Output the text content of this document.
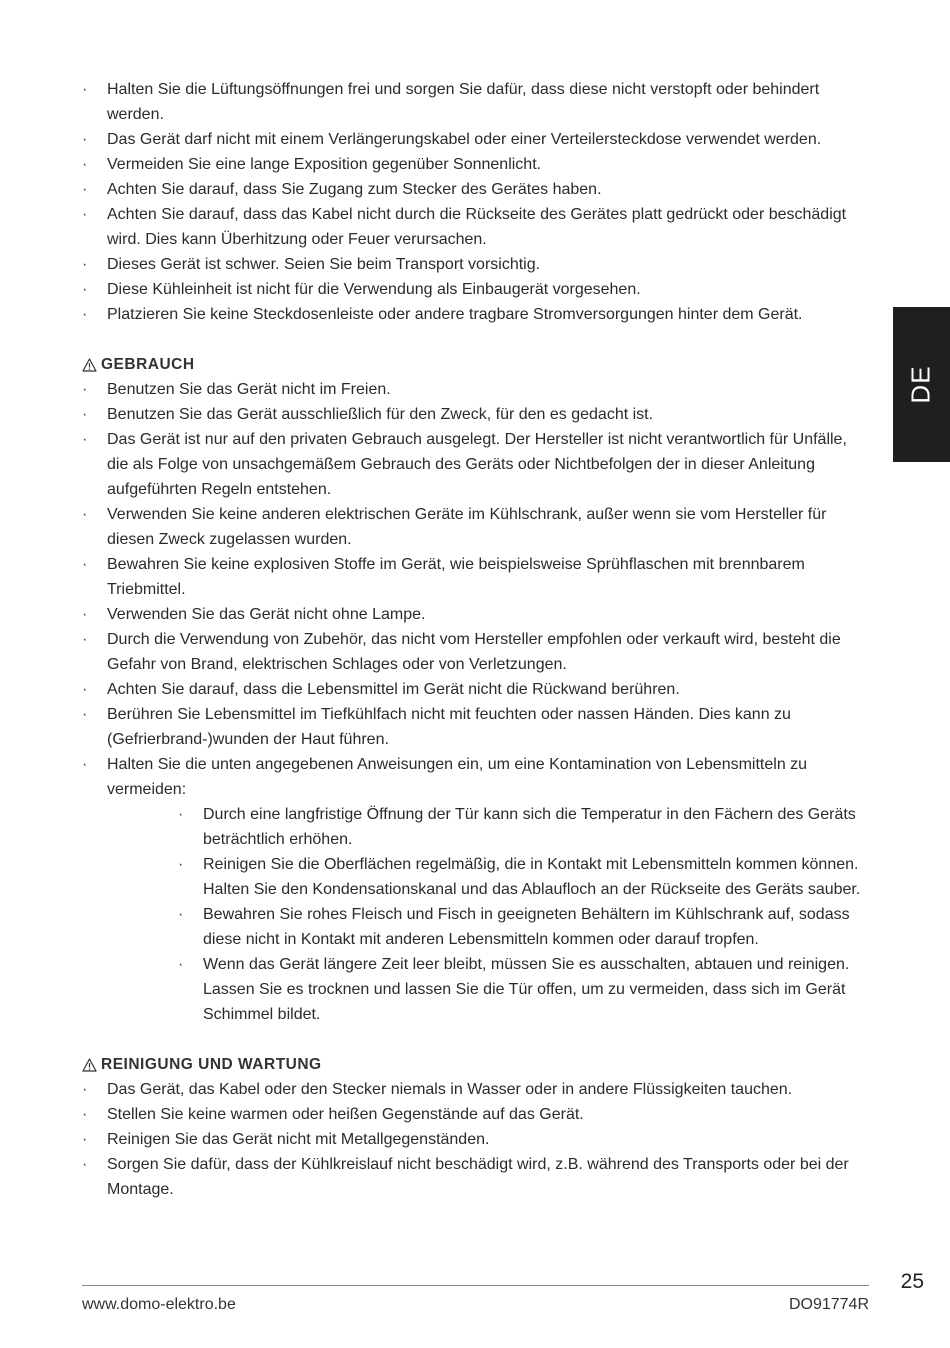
·	Halten Sie die Lüftungsöffnungen frei und sorgen Sie dafür, dass diese nicht verstopft oder behindert werden.
·	Das Gerät darf nicht mit einem Verlängerungskabel oder einer Verteilersteckdose verwendet werden.
·	Vermeiden Sie eine lange Exposition gegenüber Sonnenlicht.
·	Achten Sie darauf, dass Sie Zugang zum Stecker des Gerätes haben.
·	Achten Sie darauf, dass das Kabel nicht durch die Rückseite des Gerätes platt gedrückt oder beschädigt wird. Dies kann Überhitzung oder Feuer verursachen.
·	Dieses Gerät ist schwer. Seien Sie beim Transport vorsichtig.
·	Diese Kühleinheit ist nicht für die Verwendung als Einbaugerät vorgesehen.
·	Platzieren Sie keine Steckdosenleiste oder andere tragbare Stromversorgungen hinter dem Gerät.
GEBRAUCH
·	Benutzen Sie das Gerät nicht im Freien.
·	Benutzen Sie das Gerät ausschließlich für den Zweck, für den es gedacht ist.
·	Das Gerät ist nur auf den privaten Gebrauch ausgelegt. Der Hersteller ist nicht verantwortlich für Unfälle, die als Folge von unsachgemäßem Gebrauch des Geräts oder Nichtbefolgen der in dieser Anleitung aufgeführten Regeln entstehen.
·	Verwenden Sie keine anderen elektrischen Geräte im Kühlschrank, außer wenn sie vom Hersteller für diesen Zweck zugelassen wurden.
·	Bewahren Sie keine explosiven Stoffe im Gerät, wie beispielsweise Sprühflaschen mit brennbarem Triebmittel.
·	Verwenden Sie das Gerät nicht ohne Lampe.
·	Durch die Verwendung von Zubehör, das nicht vom Hersteller empfohlen oder verkauft wird, besteht die Gefahr von Brand, elektrischen Schlages oder von Verletzungen.
·	Achten Sie darauf, dass die Lebensmittel im Gerät nicht die Rückwand berühren.
·	Berühren Sie Lebensmittel im Tiefkühlfach nicht mit feuchten oder nassen Händen. Dies kann zu (Gefrierbrand-)wunden der Haut führen.
·	Halten Sie die unten angegebenen Anweisungen ein, um eine Kontamination von Lebensmitteln zu vermeiden:
·	Durch eine langfristige Öffnung der Tür kann sich die Temperatur in den Fächern des Geräts beträchtlich erhöhen.
·	Reinigen Sie die Oberflächen regelmäßig, die in Kontakt mit Lebensmitteln kommen können. Halten Sie den Kondensationskanal und das Ablaufloch an der Rückseite des Geräts sauber.
·	Bewahren Sie rohes Fleisch und Fisch in geeigneten Behältern im Kühlschrank auf, sodass diese nicht in Kontakt mit anderen Lebensmitteln kommen oder darauf tropfen.
·	Wenn das Gerät längere Zeit leer bleibt, müssen Sie es ausschalten, abtauen und reinigen. Lassen Sie es trocknen und lassen Sie die Tür offen, um zu vermeiden, dass sich im Gerät Schimmel bildet.
REINIGUNG UND WARTUNG
·	Das Gerät, das Kabel oder den Stecker niemals in Wasser oder in andere Flüssigkeiten tauchen.
·	Stellen Sie keine warmen oder heißen Gegenstände auf das Gerät.
·	Reinigen Sie das Gerät nicht mit Metallgegenständen.
·	Sorgen Sie dafür, dass der Kühlkreislauf nicht beschädigt wird, z.B. während des Transports oder bei der Montage.
DE
25
www.domo-elektro.be	DO91774R
